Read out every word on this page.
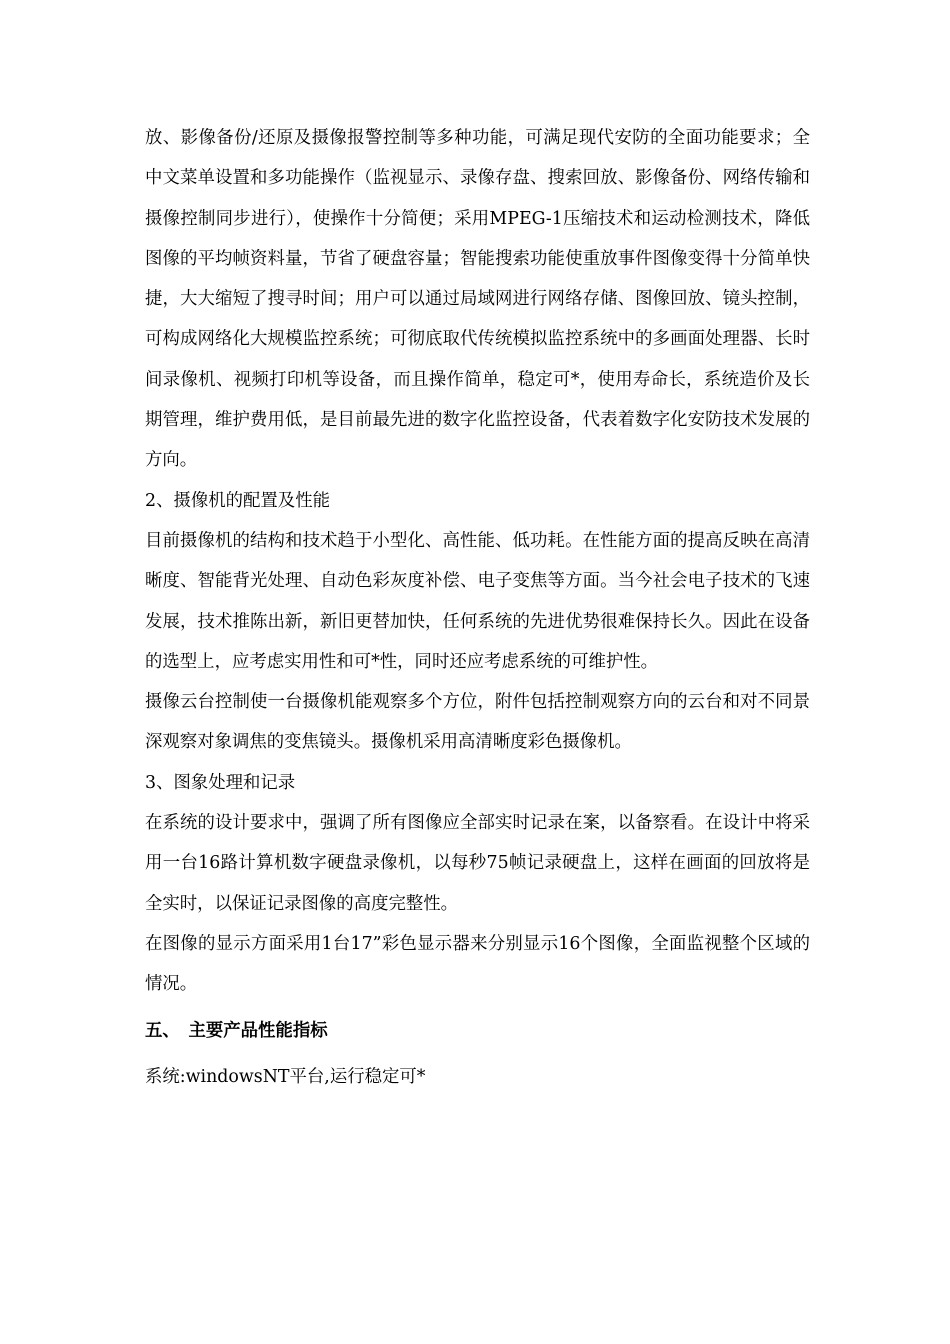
放、影像备份/还原及摄像报警控制等多种功能，可满足现代安防的全面功能要求；全中文菜单设置和多功能操作（监视显示、录像存盘、搜索回放、影像备份、网络传输和摄像控制同步进行），使操作十分简便；采用MPEG-1压缩技术和运动检测技术，降低图像的平均帧资料量，节省了硬盘容量；智能搜索功能使重放事件图像变得十分简单快捷，大大缩短了搜寻时间；用户可以通过局域网进行网络存储、图像回放、镜头控制，可构成网络化大规模监控系统；可彻底取代传统模拟监控系统中的多画面处理器、长时间录像机、视频打印机等设备，而且操作简单，稳定可*，使用寿命长，系统造价及长期管理，维护费用低，是目前最先进的数字化监控设备，代表着数字化安防技术发展的方向。

2、摄像机的配置及性能

目前摄像机的结构和技术趋于小型化、高性能、低功耗。在性能方面的提高反映在高清晰度、智能背光处理、自动色彩灰度补偿、电子变焦等方面。当今社会电子技术的飞速发展，技术推陈出新，新旧更替加快，任何系统的先进优势很难保持长久。因此在设备的选型上，应考虑实用性和可*性，同时还应考虑系统的可维护性。

摄像云台控制使一台摄像机能观察多个方位，附件包括控制观察方向的云台和对不同景深观察对象调焦的变焦镜头。摄像机采用高清晰度彩色摄像机。

3、图象处理和记录

在系统的设计要求中，强调了所有图像应全部实时记录在案，以备察看。在设计中将采用一台16路计算机数字硬盘录像机，以每秒75帧记录硬盘上，这样在画面的回放将是全实时，以保证记录图像的高度完整性。

在图像的显示方面采用1台17”彩色显示器来分别显示16个图像，全面监视整个区域的情况。

五、　主要产品性能指标

系统:windowsNT平台,运行稳定可*
